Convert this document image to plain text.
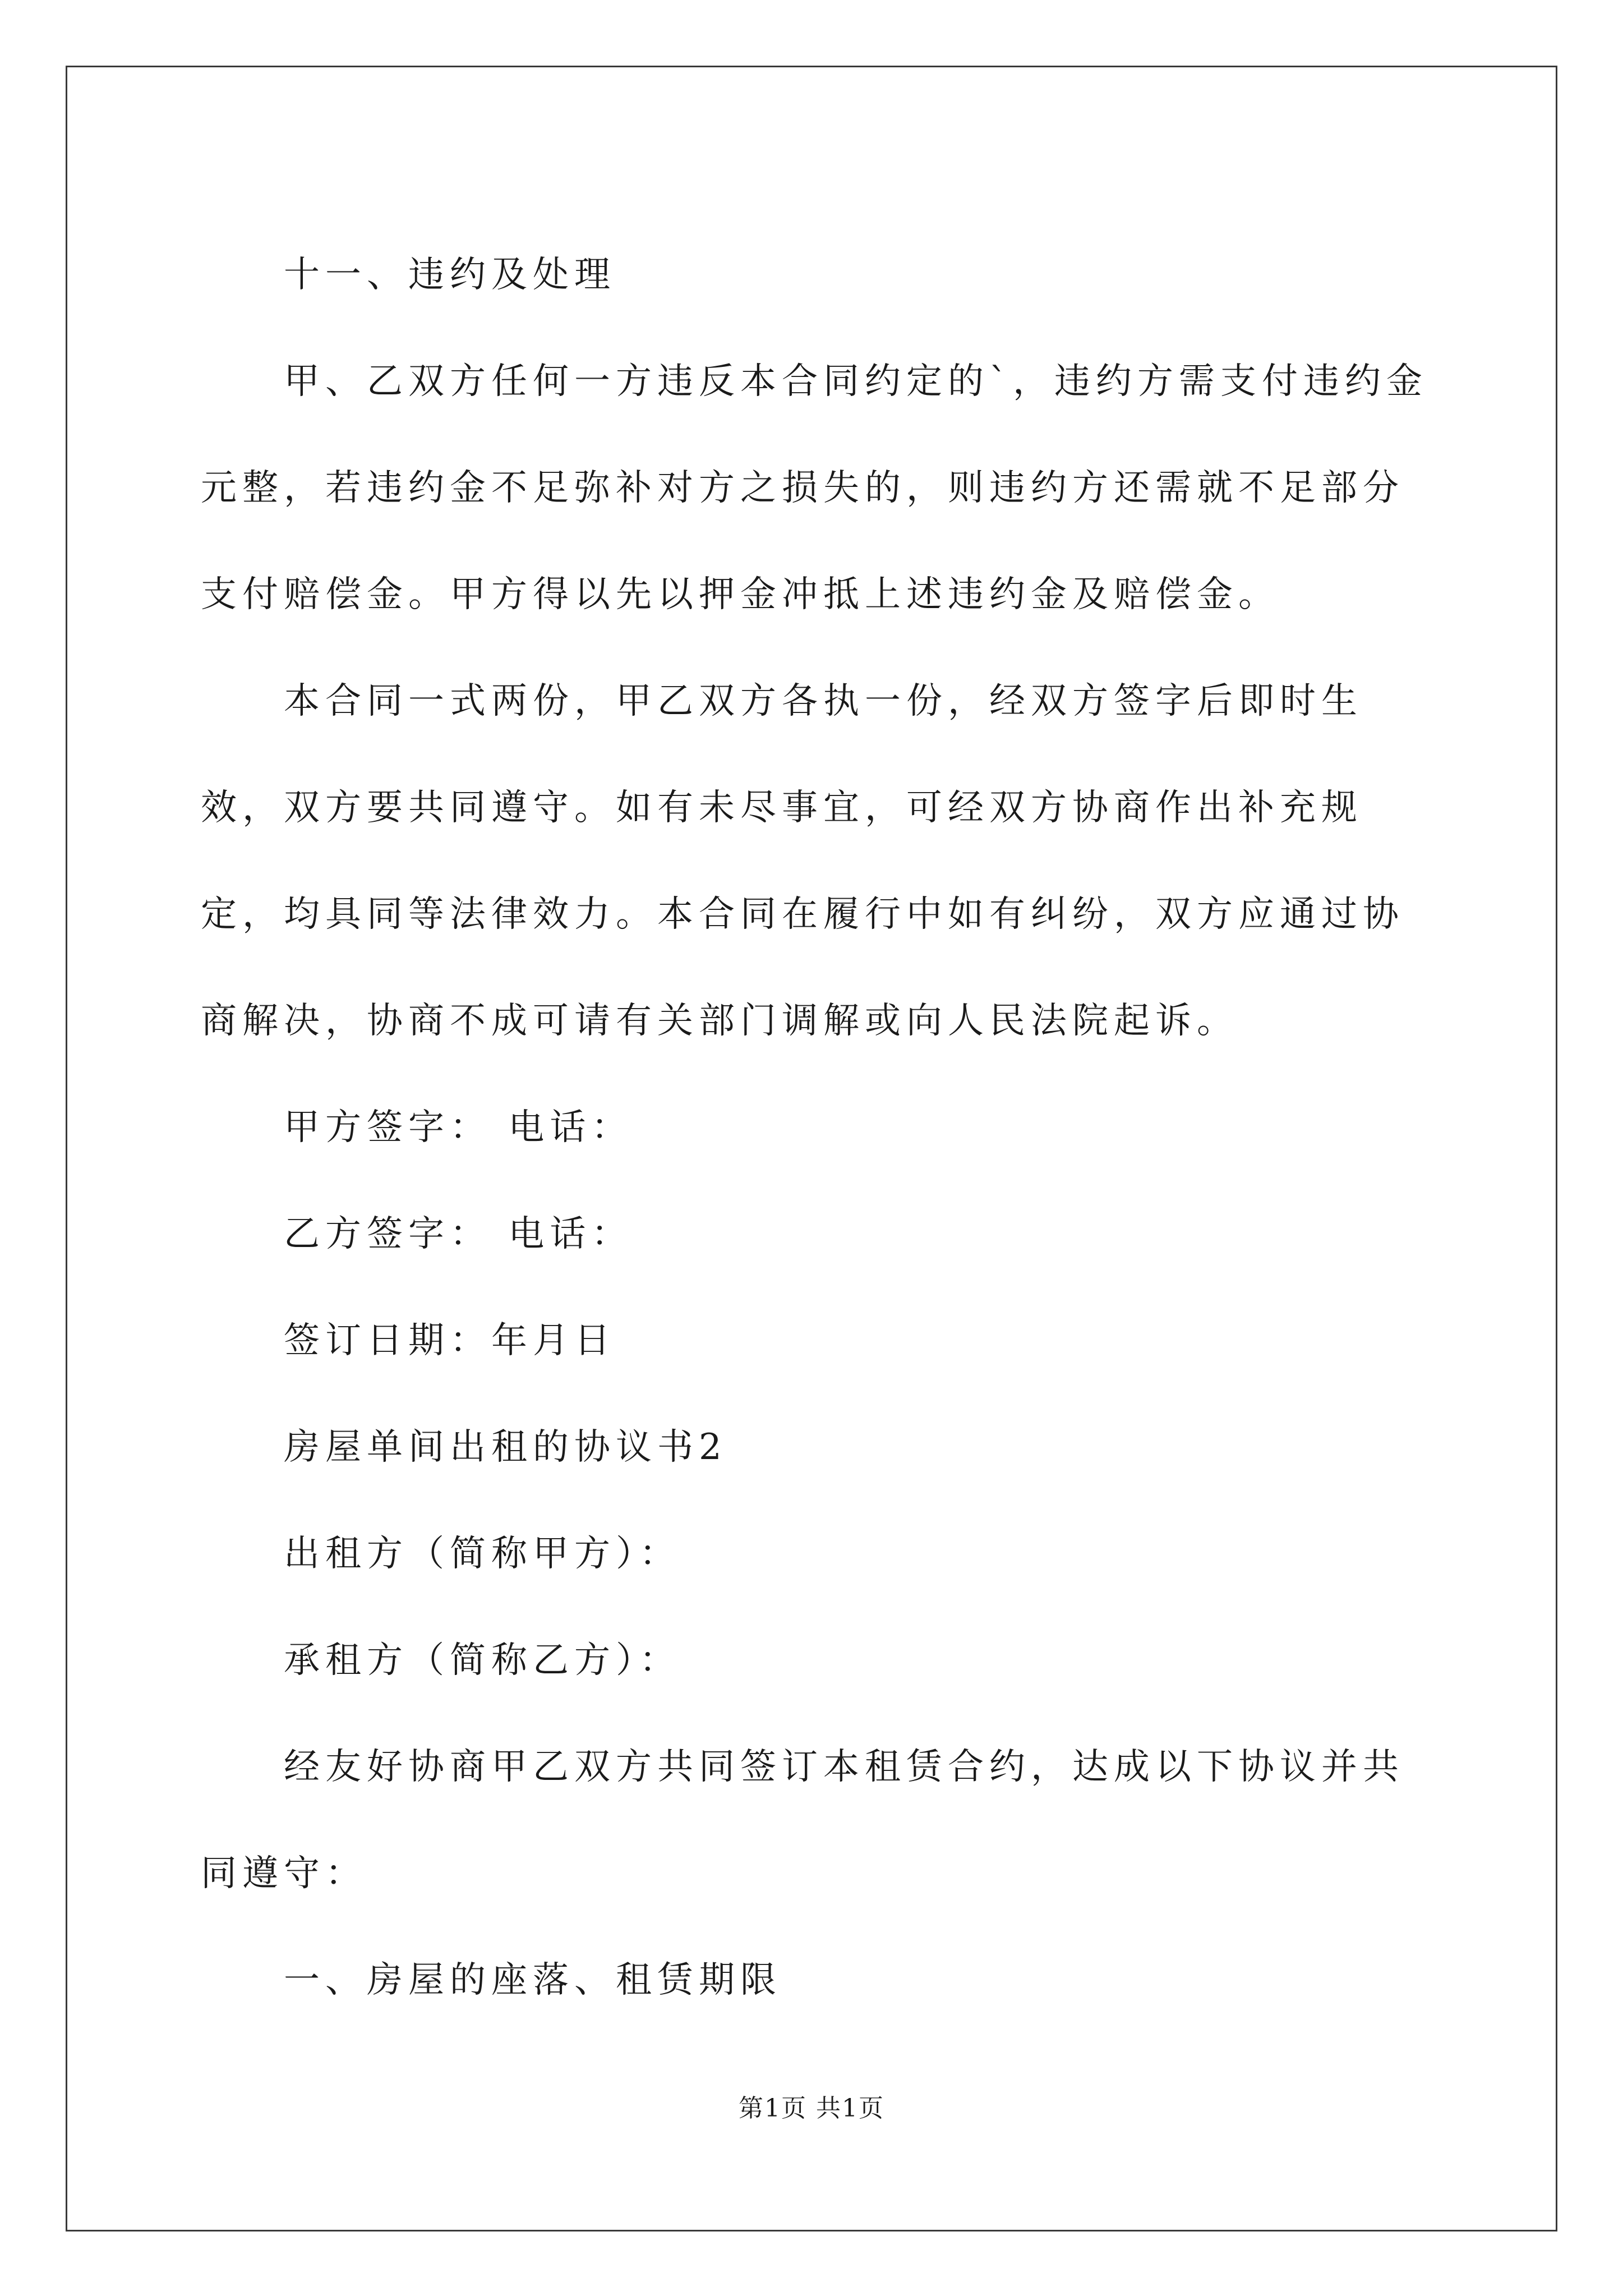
十一、违约及处理

甲、乙双方任何一方违反本合同约定的`，违约方需支付违约金元整，若违约金不足弥补对方之损失的，则违约方还需就不足部分支付赔偿金。甲方得以先以押金冲抵上述违约金及赔偿金。

本合同一式两份，甲乙双方各执一份，经双方签字后即时生效，双方要共同遵守。如有未尽事宜，可经双方协商作出补充规定，均具同等法律效力。本合同在履行中如有纠纷，双方应通过协商解决，协商不成可请有关部门调解或向人民法院起诉。

甲方签字： 电话：

乙方签字： 电话：

签订日期：年月日

房屋单间出租的协议书2

出租方（简称甲方）：

承租方（简称乙方）：

经友好协商甲乙双方共同签订本租赁合约，达成以下协议并共同遵守：

一、房屋的座落、租赁期限

第1页 共1页
